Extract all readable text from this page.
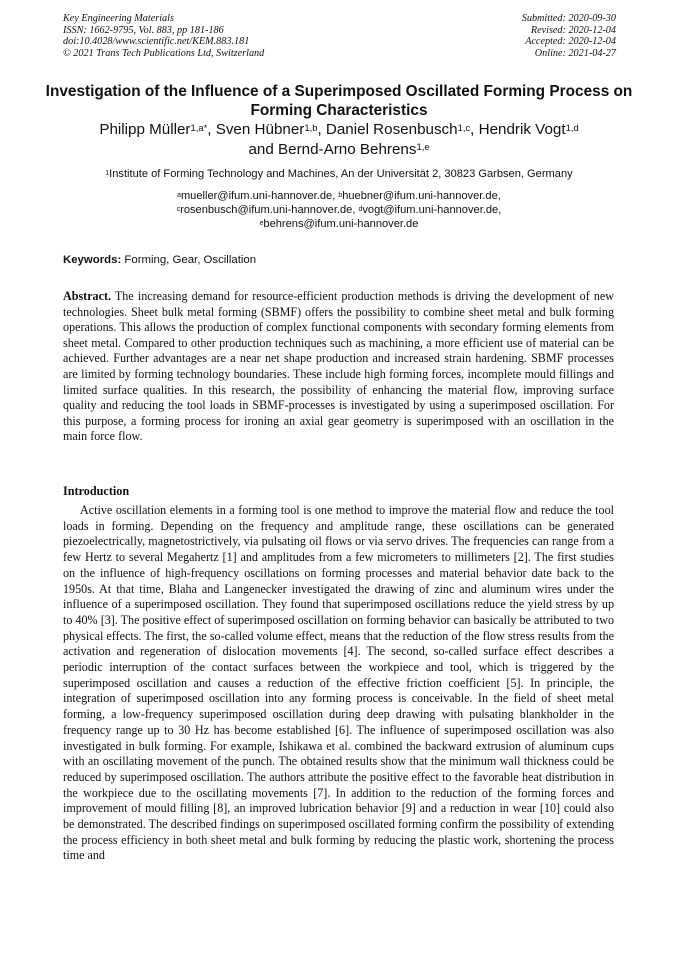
Key Engineering Materials
ISSN: 1662-9795, Vol. 883, pp 181-186
doi:10.4028/www.scientific.net/KEM.883.181
© 2021 Trans Tech Publications Ltd, Switzerland
Submitted: 2020-09-30
Revised: 2020-12-04
Accepted: 2020-12-04
Online: 2021-04-27
Investigation of the Influence of a Superimposed Oscillated Forming Process on Forming Characteristics
Philipp Müller$^{1,a*}$, Sven Hübner$^{1,b}$, Daniel Rosenbusch$^{1,c}$, Hendrik Vogt$^{1,d}$
and Bernd-Arno Behrens$^{1,e}$
$^1$Institute of Forming Technology and Machines, An der Universität 2, 30823 Garbsen, Germany
$^a$mueller@ifum.uni-hannover.de, $^b$huebner@ifum.uni-hannover.de,
$^c$rosenbusch@ifum.uni-hannover.de, $^d$vogt@ifum.uni-hannover.de,
$^e$behrens@ifum.uni-hannover.de
Keywords: Forming, Gear, Oscillation
Abstract. The increasing demand for resource-efficient production methods is driving the development of new technologies. Sheet bulk metal forming (SBMF) offers the possibility to combine sheet metal and bulk forming operations. This allows the production of complex functional components with secondary forming elements from sheet metal. Compared to other production techniques such as machining, a more efficient use of material can be achieved. Further advantages are a near net shape production and increased strain hardening. SBMF processes are limited by forming technology boundaries. These include high forming forces, incomplete mould fillings and limited surface qualities. In this research, the possibility of enhancing the material flow, improving surface quality and reducing the tool loads in SBMF-processes is investigated by using a superimposed oscillation. For this purpose, a forming process for ironing an axial gear geometry is superimposed with an oscillation in the main force flow.
Introduction
Active oscillation elements in a forming tool is one method to improve the material flow and reduce the tool loads in forming. Depending on the frequency and amplitude range, these oscillations can be generated piezoelectrically, magnetostrictively, via pulsating oil flows or via servo drives. The frequencies can range from a few Hertz to several Megahertz [1] and amplitudes from a few micrometers to millimeters [2]. The first studies on the influence of high-frequency oscillations on forming processes and material behavior date back to the 1950s. At that time, Blaha and Langenecker investigated the drawing of zinc and aluminum wires under the influence of a superimposed oscillation. They found that superimposed oscillations reduce the yield stress by up to 40% [3]. The positive effect of superimposed oscillation on forming behavior can basically be attributed to two physical effects. The first, the so-called volume effect, means that the reduction of the flow stress results from the activation and regeneration of dislocation movements [4]. The second, so-called surface effect describes a periodic interruption of the contact surfaces between the workpiece and tool, which is triggered by the superimposed oscillation and causes a reduction of the effective friction coefficient [5]. In principle, the integration of superimposed oscillation into any forming process is conceivable. In the field of sheet metal forming, a low-frequency superimposed oscillation during deep drawing with pulsating blankholder in the frequency range up to 30 Hz has become established [6]. The influence of superimposed oscillation was also investigated in bulk forming. For example, Ishikawa et al. combined the backward extrusion of aluminum cups with an oscillating movement of the punch. The obtained results show that the minimum wall thickness could be reduced by superimposed oscillation. The authors attribute the positive effect to the favorable heat distribution in the workpiece due to the oscillating movements [7]. In addition to the reduction of the forming forces and improvement of mould filling [8], an improved lubrication behavior [9] and a reduction in wear [10] could also be demonstrated. The described findings on superimposed oscillated forming confirm the possibility of extending the process efficiency in both sheet metal and bulk forming by reducing the plastic work, shortening the process time and
